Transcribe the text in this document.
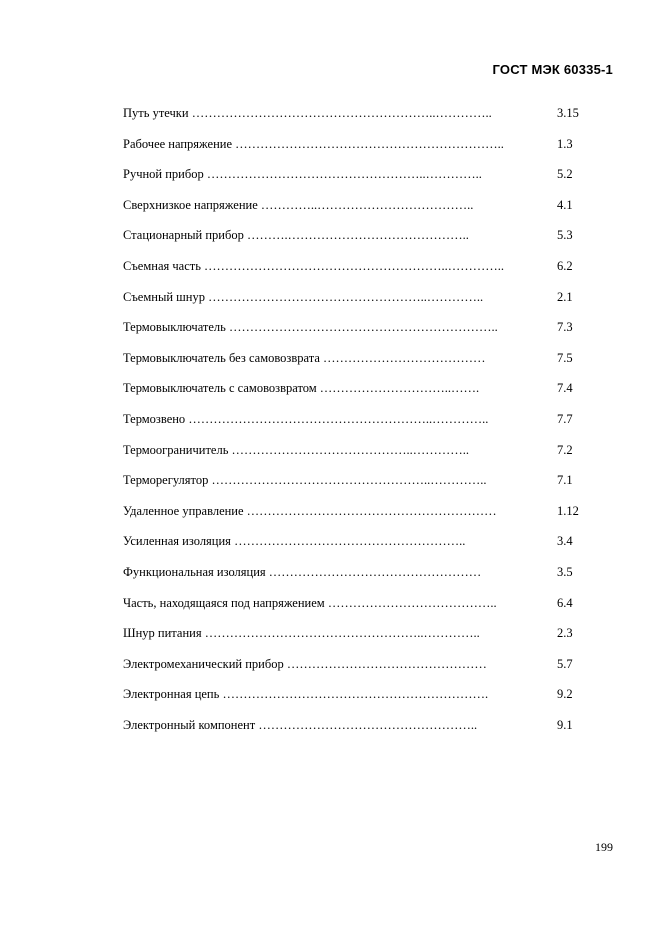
ГОСТ МЭК 60335-1
Путь утечки …………………………………………………..…………..	3.15
Рабочее напряжение ………………………………………………………..	1.3
Ручной прибор ……………………………………………..…………..	5.2
Сверхнизкое напряжение …………..………………………………..	4.1
Стационарный прибор ……….……………………………………..	5.3
Съемная часть …………………………………………………..…………..	6.2
Съемный шнур ……………………………………………..…………..	2.1
Термовыключатель ………………………………………………………..	7.3
Термовыключатель без самовозврата …………………………………	7.5
Термовыключатель с самовозвратом …………………………..…….	7.4
Термозвено …………………………………………………..…………..	7.7
Термоограничитель ……………………………………..…………..	7.2
Терморегулятор ……………………………………………..…………..	7.1
Удаленное управление ……………………………………………………	1.12
Усиленная изоляция ………………………………………………..	3.4
Функциональная изоляция ……………………………………………	3.5
Часть, находящаяся под напряжением …………………………………..	6.4
Шнур питания ……………………………………………..…………..	2.3
Электромеханический прибор …………………………………………	5.7
Электронная цепь ……………………………………………………….	9.2
Электронный компонент ……………………………………………..	9.1
199
